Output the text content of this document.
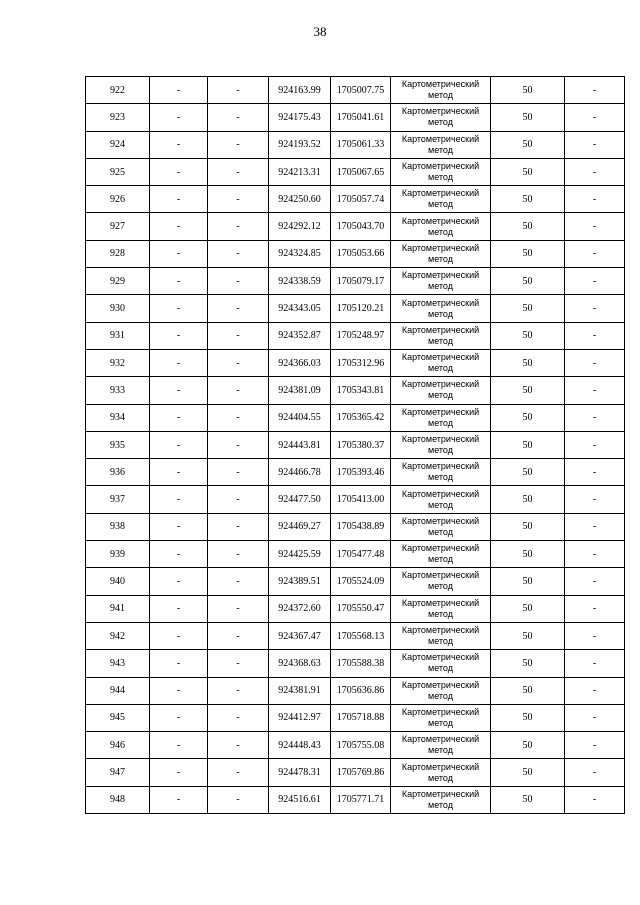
38
922	-	-	924163.99	1705007.75	Картометрический метод	50	-
923	-	-	924175.43	1705041.61	Картометрический метод	50	-
924	-	-	924193.52	1705061.33	Картометрический метод	50	-
925	-	-	924213.31	1705067.65	Картометрический метод	50	-
926	-	-	924250.60	1705057.74	Картометрический метод	50	-
927	-	-	924292.12	1705043.70	Картометрический метод	50	-
928	-	-	924324.85	1705053.66	Картометрический метод	50	-
929	-	-	924338.59	1705079.17	Картометрический метод	50	-
930	-	-	924343.05	1705120.21	Картометрический метод	50	-
931	-	-	924352.87	1705248.97	Картометрический метод	50	-
932	-	-	924366.03	1705312.96	Картометрический метод	50	-
933	-	-	924381.09	1705343.81	Картометрический метод	50	-
934	-	-	924404.55	1705365.42	Картометрический метод	50	-
935	-	-	924443.81	1705380.37	Картометрический метод	50	-
936	-	-	924466.78	1705393.46	Картометрический метод	50	-
937	-	-	924477.50	1705413.00	Картометрический метод	50	-
938	-	-	924469.27	1705438.89	Картометрический метод	50	-
939	-	-	924425.59	1705477.48	Картометрический метод	50	-
940	-	-	924389.51	1705524.09	Картометрический метод	50	-
941	-	-	924372.60	1705550.47	Картометрический метод	50	-
942	-	-	924367.47	1705568.13	Картометрический метод	50	-
943	-	-	924368.63	1705588.38	Картометрический метод	50	-
944	-	-	924381.91	1705636.86	Картометрический метод	50	-
945	-	-	924412.97	1705718.88	Картометрический метод	50	-
946	-	-	924448.43	1705755.08	Картометрический метод	50	-
947	-	-	924478.31	1705769.86	Картометрический метод	50	-
948	-	-	924516.61	1705771.71	Картометрический метод	50	-
